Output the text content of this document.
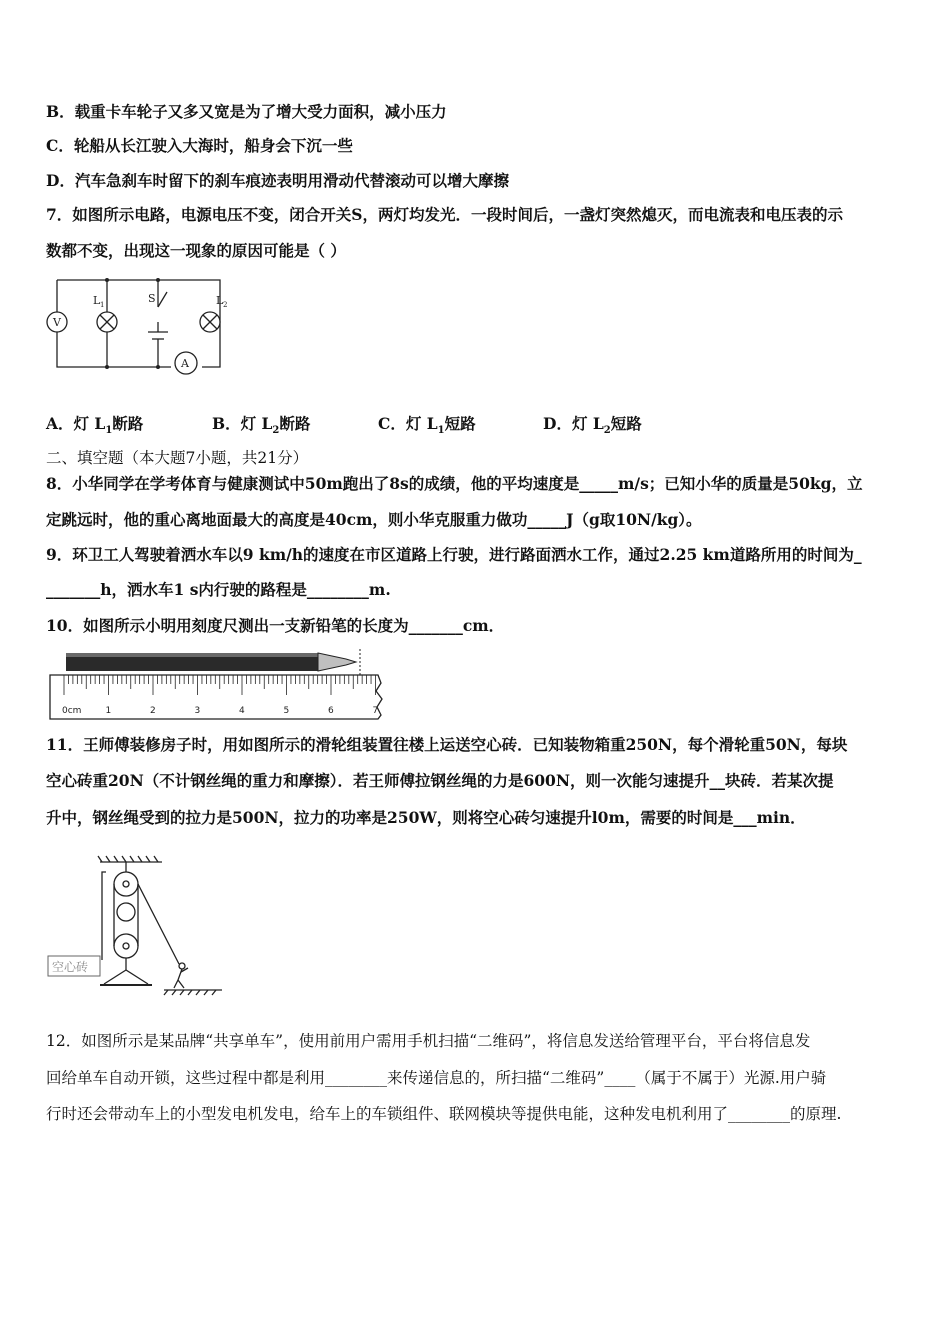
B．载重卡车轮子又多又宽是为了增大受力面积，减小压力
C．轮船从长江驶入大海时，船身会下沉一些
D．汽车急刹车时留下的刹车痕迹表明用滑动代替滚动可以增大摩擦
7．如图所示电路，电源电压不变，闭合开关S，两灯均发光．一段时间后，一盏灯突然熄灭，而电流表和电压表的示
数都不变，出现这一现象的原因可能是（ ）
V
A
L 1	S	L 2
A．灯 $L_1$断路	B．灯 $L_2$断路	C．灯 $L_1$短路	D．灯 $L_2$短路
二、填空题（本大题7小题，共21分）
8．小华同学在学考体育与健康测试中50m跑出了8s的成绩，他的平均速度是_____m/s；已知小华的质量是50kg，立
定跳远时，他的重心离地面最大的高度是40cm，则小华克服重力做功_____J（g取10N/kg）。
9．环卫工人驾驶着洒水车以9 km/h的速度在市区道路上行驶，进行路面洒水工作，通过2.25 km道路所用的时间为_
_______h，洒水车1 s内行驶的路程是________m.
10．如图所示小明用刻度尺测出一支新铅笔的长度为_______cm．
0cm	1	2	3	4	5	6	7
11．王师傅装修房子时，用如图所示的滑轮组装置往楼上运送空心砖．已知装物箱重250N，每个滑轮重50N，每块
空心砖重20N（不计钢丝绳的重力和摩擦）．若王师傅拉钢丝绳的力是600N，则一次能匀速提升__块砖．若某次提
升中，钢丝绳受到的拉力是500N，拉力的功率是250W，则将空心砖匀速提升l0m，需要的时间是___min．
空心砖
12．如图所示是某品牌“共享单车”，使用前用户需用手机扫描“二维码”，将信息发送给管理平台，平台将信息发
回给单车自动开锁，这些过程中都是利用________来传递信息的，所扫描“二维码”____（属于不属于）光源.用户骑
行时还会带动车上的小型发电机发电，给车上的车锁组件、联网模块等提供电能，这种发电机利用了________的原理.
